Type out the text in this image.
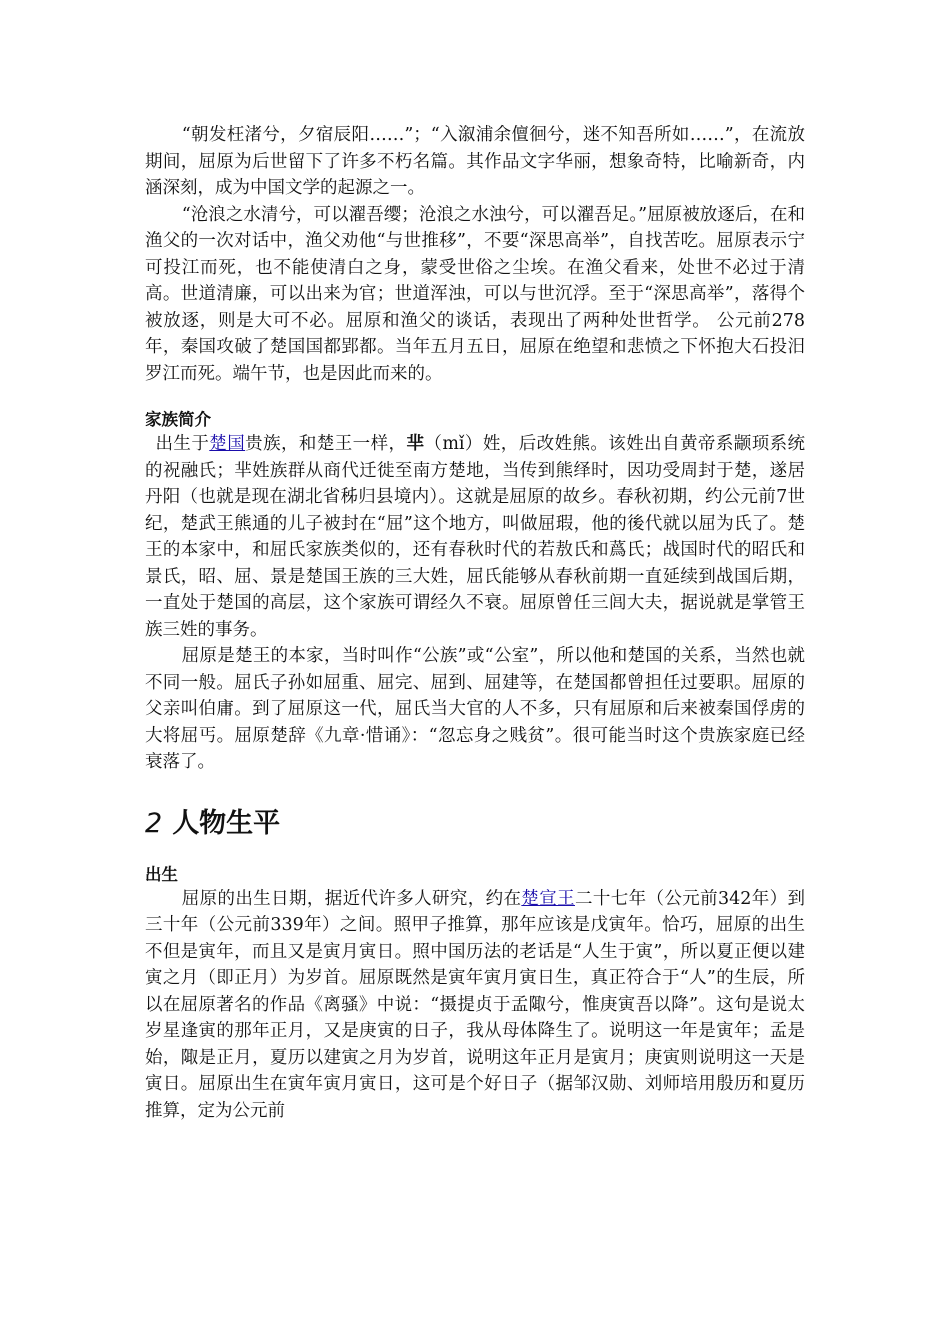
“朝发枉渚兮，夕宿辰阳……”；“入溆浦余儃徊兮，迷不知吾所如……”，在流放期间，屈原为后世留下了许多不朽名篇。其作品文字华丽，想象奇特，比喻新奇，内涵深刻，成为中国文学的起源之一。

“沧浪之水清兮，可以濯吾缨；沧浪之水浊兮，可以濯吾足。”屈原被放逐后，在和渔父的一次对话中，渔父劝他“与世推移”，不要“深思高举”，自找苦吃。屈原表示宁可投江而死，也不能使清白之身，蒙受世俗之尘埃。在渔父看来，处世不必过于清高。世道清廉，可以出来为官；世道浑浊，可以与世沉浮。至于“深思高举”，落得个被放逐，则是大可不必。屈原和渔父的谈话，表现出了两种处世哲学。 公元前278年，秦国攻破了楚国国都郢都。当年五月五日，屈原在绝望和悲愤之下怀抱大石投汨罗江而死。端午节，也是因此而来的。

家族简介

出生于楚国贵族，和楚王一样，芈（mǐ）姓，后改姓熊。该姓出自黄帝系颛顼系统的祝融氏；芈姓族群从商代迁徙至南方楚地，当传到熊绎时，因功受周封于楚，遂居丹阳（也就是现在湖北省秭归县境内）。这就是屈原的故乡。春秋初期，约公元前7世纪，楚武王熊通的儿子被封在“屈”这个地方，叫做屈瑕，他的後代就以屈为氏了。楚王的本家中，和屈氏家族类似的，还有春秋时代的若敖氏和蔿氏；战国时代的昭氏和景氏，昭、屈、景是楚国王族的三大姓，屈氏能够从春秋前期一直延续到战国后期，一直处于楚国的高层，这个家族可谓经久不衰。屈原曾任三闾大夫，据说就是掌管王族三姓的事务。

屈原是楚王的本家，当时叫作“公族”或“公室”，所以他和楚国的关系，当然也就不同一般。屈氏子孙如屈重、屈完、屈到、屈建等，在楚国都曾担任过要职。屈原的父亲叫伯庸。到了屈原这一代，屈氏当大官的人不多，只有屈原和后来被秦国俘虏的大将屈丐。屈原楚辞《九章·惜诵》：“忽忘身之贱贫”。很可能当时这个贵族家庭已经衰落了。

2 人物生平
出生

屈原的出生日期，据近代许多人研究，约在楚宣王二十七年（公元前342年）到三十年（公元前339年）之间。照甲子推算，那年应该是戊寅年。恰巧，屈原的出生不但是寅年，而且又是寅月寅日。照中国历法的老话是“人生于寅”，所以夏正便以建寅之月（即正月）为岁首。屈原既然是寅年寅月寅日生，真正符合于“人”的生辰，所以在屈原著名的作品《离骚》中说：“摄提贞于孟陬兮，惟庚寅吾以降”。这句是说太岁星逢寅的那年正月，又是庚寅的日子，我从母体降生了。说明这一年是寅年；孟是始，陬是正月，夏历以建寅之月为岁首，说明这年正月是寅月；庚寅则说明这一天是寅日。屈原出生在寅年寅月寅日，这可是个好日子（据邹汉勋、刘师培用殷历和夏历推算，定为公元前
